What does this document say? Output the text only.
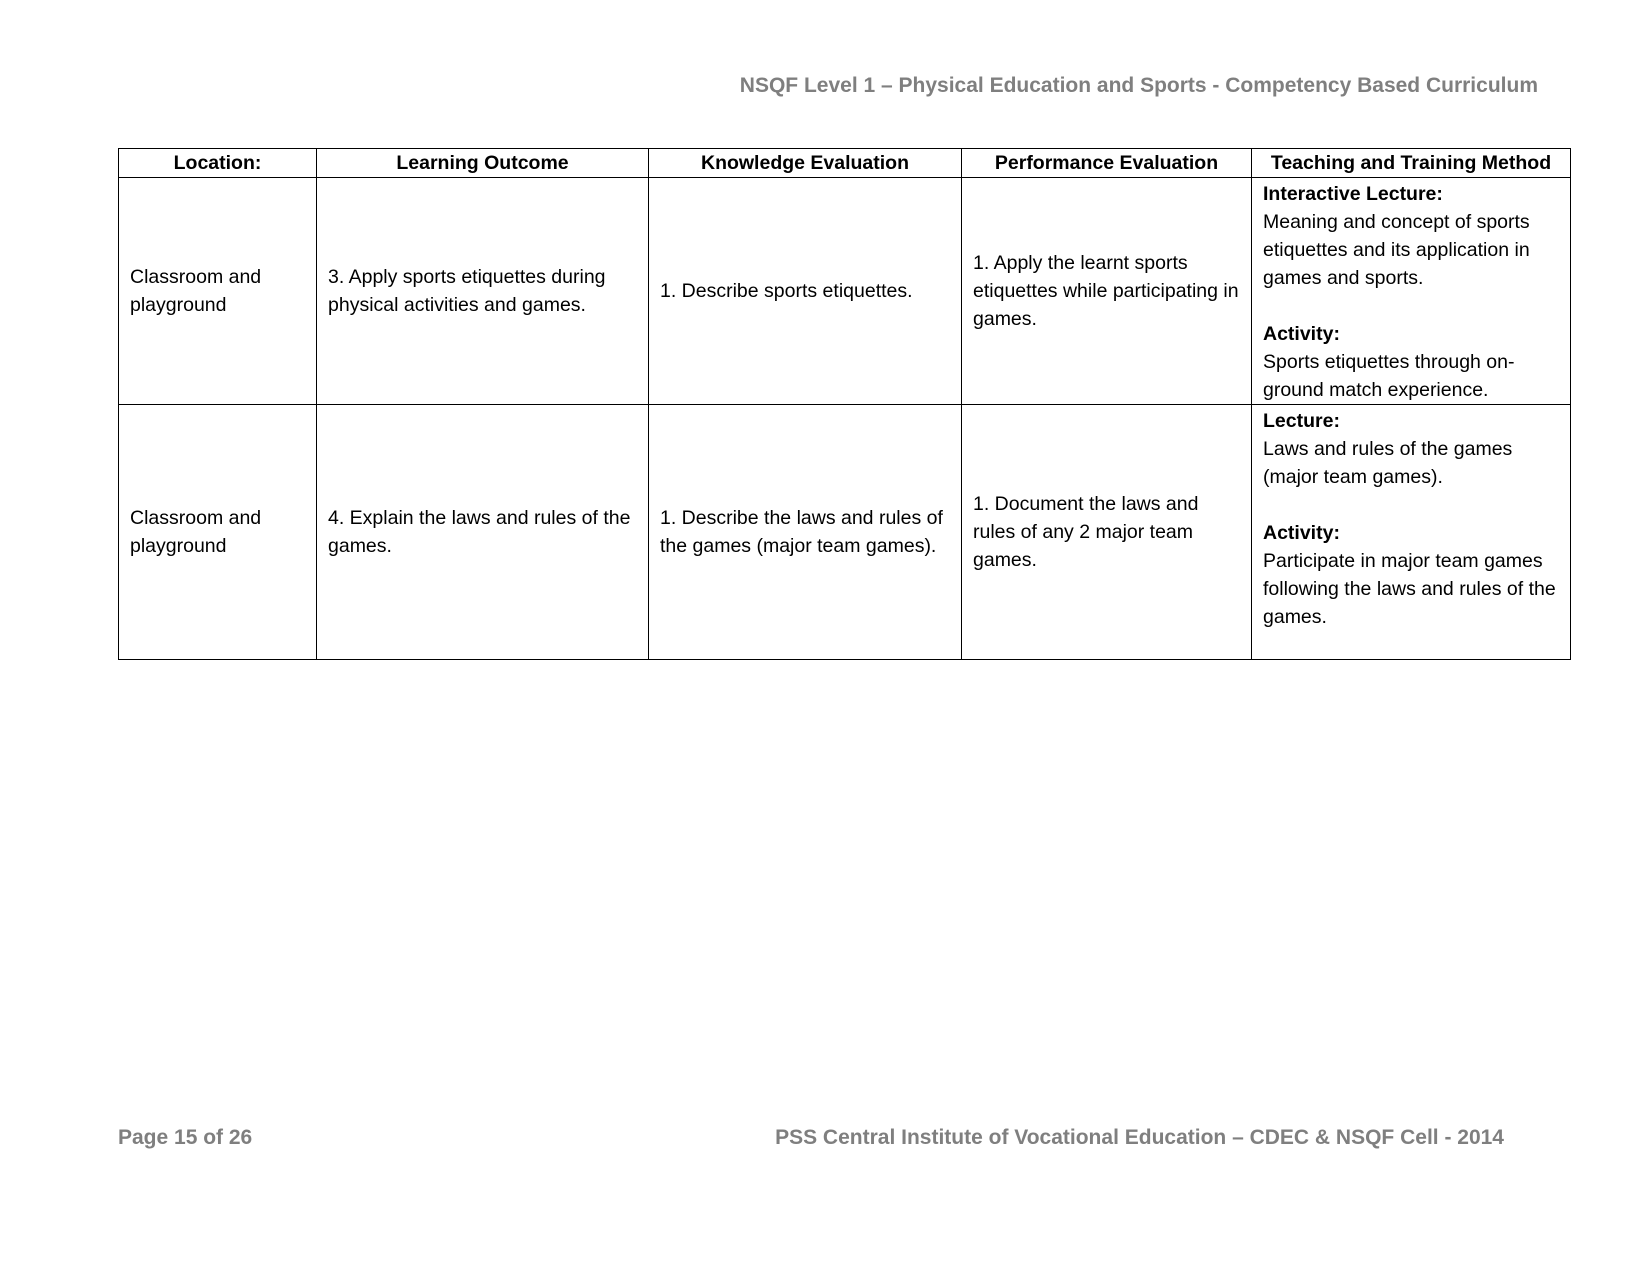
NSQF Level 1 – Physical Education and Sports - Competency Based Curriculum
Location:	Learning Outcome	Knowledge Evaluation	Performance Evaluation	Teaching and Training Method
Classroom and playground	3. Apply sports etiquettes during physical activities and games.	1. Describe sports etiquettes.	1. Apply the learnt sports etiquettes while participating in games.	Interactive Lecture:
Meaning and concept of sports etiquettes and its application in games and sports.
Activity:
Sports etiquettes through on-ground match experience.

Classroom and playground	4. Explain the laws and rules of the games.	1. Describe the laws and rules of the games (major team games).	1. Document the laws and rules of any 2 major team games.	Lecture:
Laws and rules of the games (major team games).
Activity:
Participate in major team games following the laws and rules of the games.
Page 15 of 26	PSS Central Institute of Vocational Education – CDEC & NSQF Cell - 2014
